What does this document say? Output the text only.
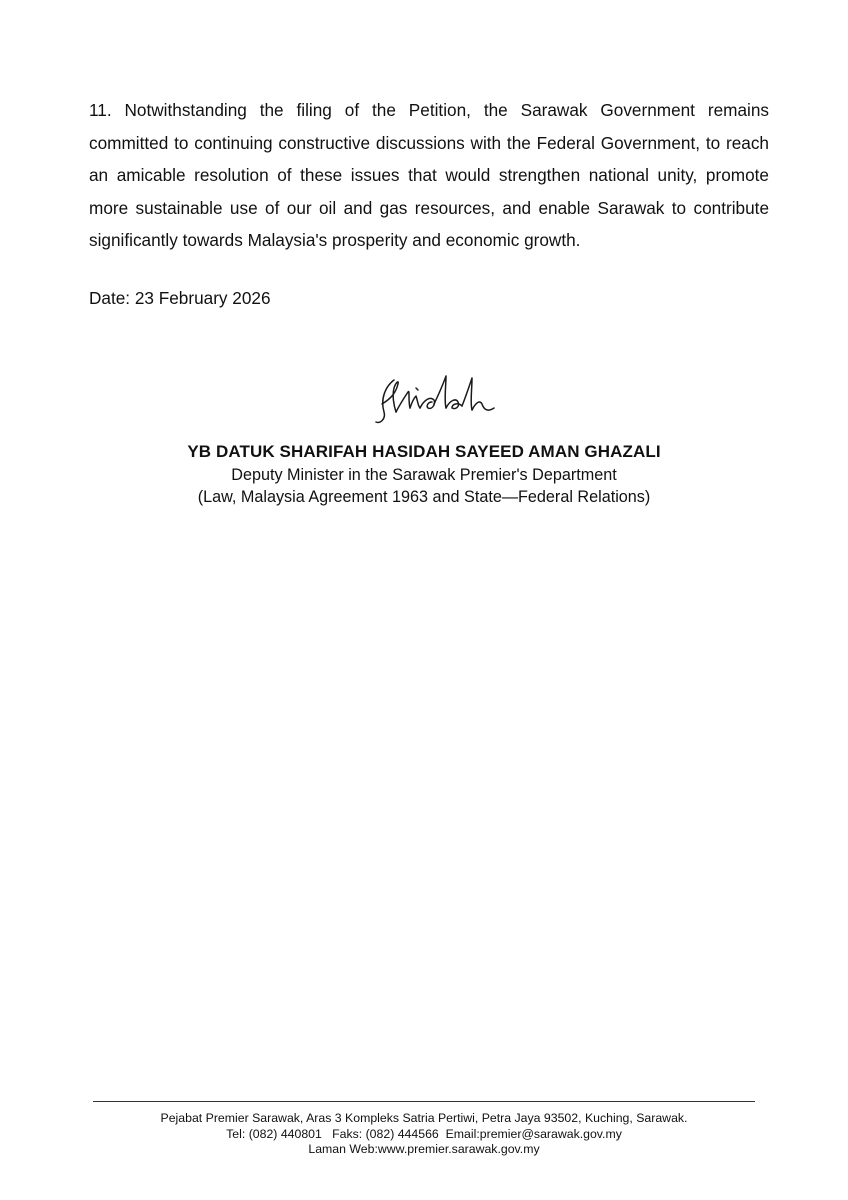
11. Notwithstanding the filing of the Petition, the Sarawak Government remains committed to continuing constructive discussions with the Federal Government, to reach an amicable resolution of these issues that would strengthen national unity, promote more sustainable use of our oil and gas resources, and enable Sarawak to contribute significantly towards Malaysia's prosperity and economic growth.

Date: 23 February 2026

YB DATUK SHARIFAH HASIDAH SAYEED AMAN GHAZALI

Deputy Minister in the Sarawak Premier's Department

(Law, Malaysia Agreement 1963 and State—Federal Relations)

Pejabat Premier Sarawak, Aras 3 Kompleks Satria Pertiwi, Petra Jaya 93502, Kuching, Sarawak.
Tel: (082) 440801 Faks: (082) 444566 Email:premier@sarawak.gov.my
Laman Web:www.premier.sarawak.gov.my
